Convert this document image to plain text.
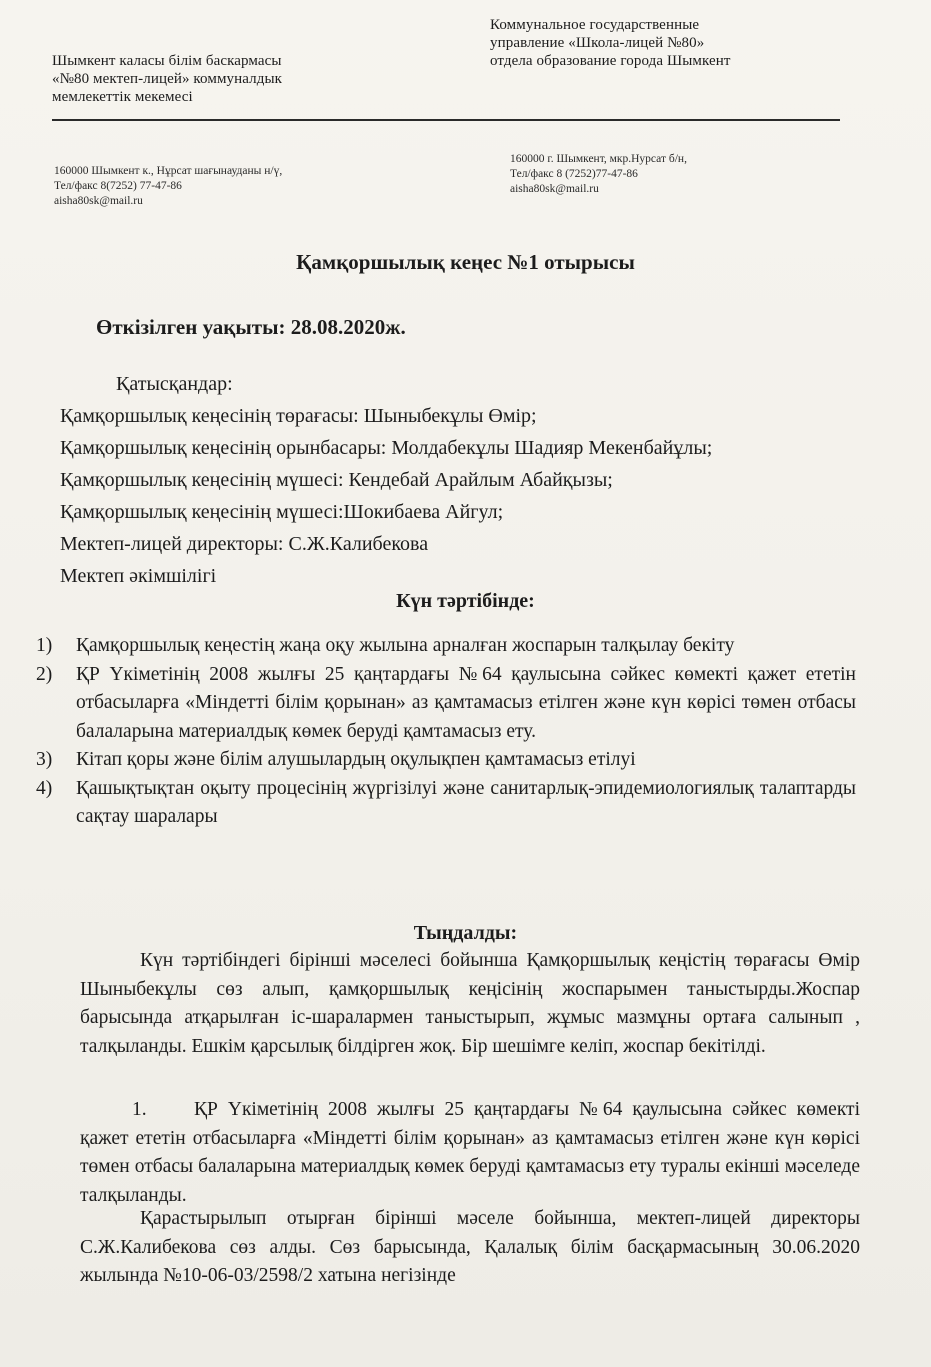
Шымкент каласы білім баскармасы
«№80 мектеп-лицей» коммуналдык
мемлекеттік мекемесі
Коммунальное государственные
управление «Школа-лицей №80»
отдела образование города Шымкент
160000 Шымкент к., Нұрсат шағынауданы н/ү,
Тел/факс 8(7252) 77-47-86
aisha80sk@mail.ru
160000 г. Шымкент, мкр.Нурсат б/н,
Тел/факс 8 (7252)77-47-86
aisha80sk@mail.ru
Қамқоршылық кеңес №1 отырысы
Өткізілген уақыты: 28.08.2020ж.
Қатысқандар:
Қамқоршылық кеңесінің төрағасы: Шыныбекұлы Өмір;
Қамқоршылық кеңесінің орынбасары: Молдабекұлы Шадияр Мекенбайұлы;
Қамқоршылық кеңесінің мүшесі: Кендебай Арайлым Абайқызы;
Қамқоршылық кеңесінің мүшесі:Шокибаева Айгул;
Мектеп-лицей директоры: С.Ж.Калибекова
Мектеп әкімшілігі
Күн тәртібінде:
1)	Қамқоршылық кеңестің жаңа оқу жылына арналған жоспарын талқылау бекіту
2)	ҚР Үкіметінің 2008 жылғы 25 қаңтардағы №64 қаулысына сәйкес көмекті қажет ететін отбасыларға «Міндетті білім қорынан» аз қамтамасыз етілген және күн көрісі төмен отбасы балаларына материалдық көмек беруді қамтамасыз ету.
3)	Кітап қоры және білім алушылардың оқулықпен қамтамасыз етілуі
4)	Қашықтықтан оқыту процесінің жүргізілуі және санитарлық-эпидемиологиялық талаптарды сақтау шаралары
Тыңдалды:
Күн тәртібіндегі бірінші мәселесі бойынша Қамқоршылық кеңістің төрағасы Өмір Шыныбекұлы сөз алып, қамқоршылық кеңісінің жоспарымен таныстырды.Жоспар барысында атқарылған іс-шаралармен таныстырып, жұмыс мазмұны ортаға салынып , талқыланды. Ешкім қарсылық білдірген жоқ. Бір шешімге келіп, жоспар бекітілді.
1. ҚР Үкіметінің 2008 жылғы 25 қаңтардағы №64 қаулысына сәйкес көмекті қажет ететін отбасыларға «Міндетті білім қорынан» аз қамтамасыз етілген және күн көрісі төмен отбасы балаларына материалдық көмек беруді қамтамасыз ету туралы екінші мәселеде талқыланды.
Қарастырылып отырған бірінші мәселе бойынша, мектеп-лицей директоры С.Ж.Калибекова сөз алды. Сөз барысында, Қалалық білім басқармасының 30.06.2020 жылында №10-06-03/2598/2 хатына негізінде
